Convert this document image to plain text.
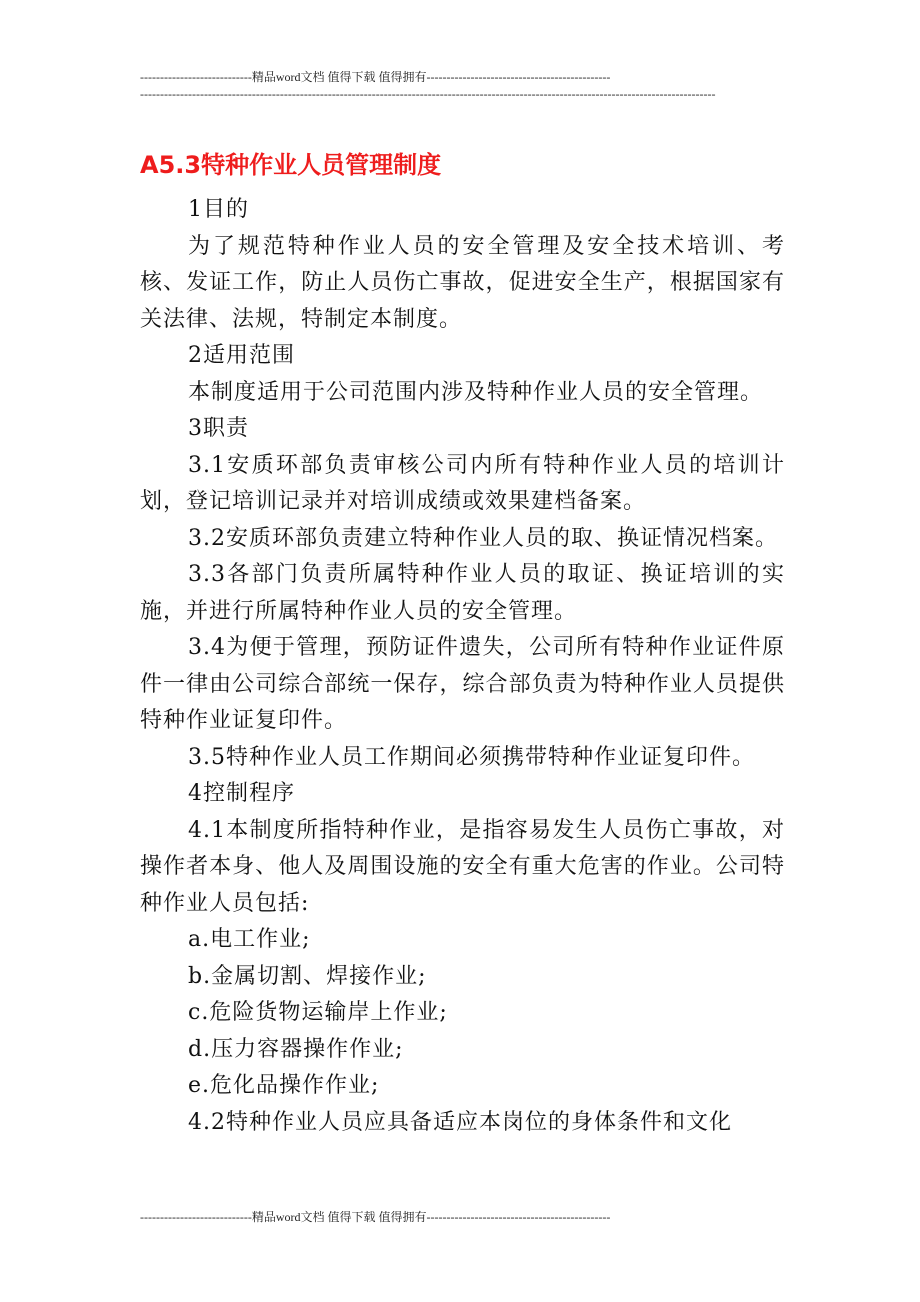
----------------------------精品word文档 值得下载 值得拥有----------------------------------------------
------------------------------------------------------------------------------------------------------------------------------------------------
A5.3特种作业人员管理制度

1目的

为了规范特种作业人员的安全管理及安全技术培训、考核、发证工作，防止人员伤亡事故，促进安全生产，根据国家有关法律、法规，特制定本制度。

2适用范围

本制度适用于公司范围内涉及特种作业人员的安全管理。

3职责

3.1安质环部负责审核公司内所有特种作业人员的培训计划，登记培训记录并对培训成绩或效果建档备案。

3.2安质环部负责建立特种作业人员的取、换证情况档案。

3.3各部门负责所属特种作业人员的取证、换证培训的实施，并进行所属特种作业人员的安全管理。

3.4为便于管理，预防证件遗失，公司所有特种作业证件原件一律由公司综合部统一保存，综合部负责为特种作业人员提供特种作业证复印件。

3.5特种作业人员工作期间必须携带特种作业证复印件。

4控制程序

4.1本制度所指特种作业，是指容易发生人员伤亡事故，对操作者本身、他人及周围设施的安全有重大危害的作业。公司特种作业人员包括:

a.电工作业;

b.金属切割、焊接作业;

c.危险货物运输岸上作业;

d.压力容器操作作业;

e.危化品操作作业;

4.2特种作业人员应具备适应本岗位的身体条件和文化

----------------------------精品word文档 值得下载 值得拥有----------------------------------------------
